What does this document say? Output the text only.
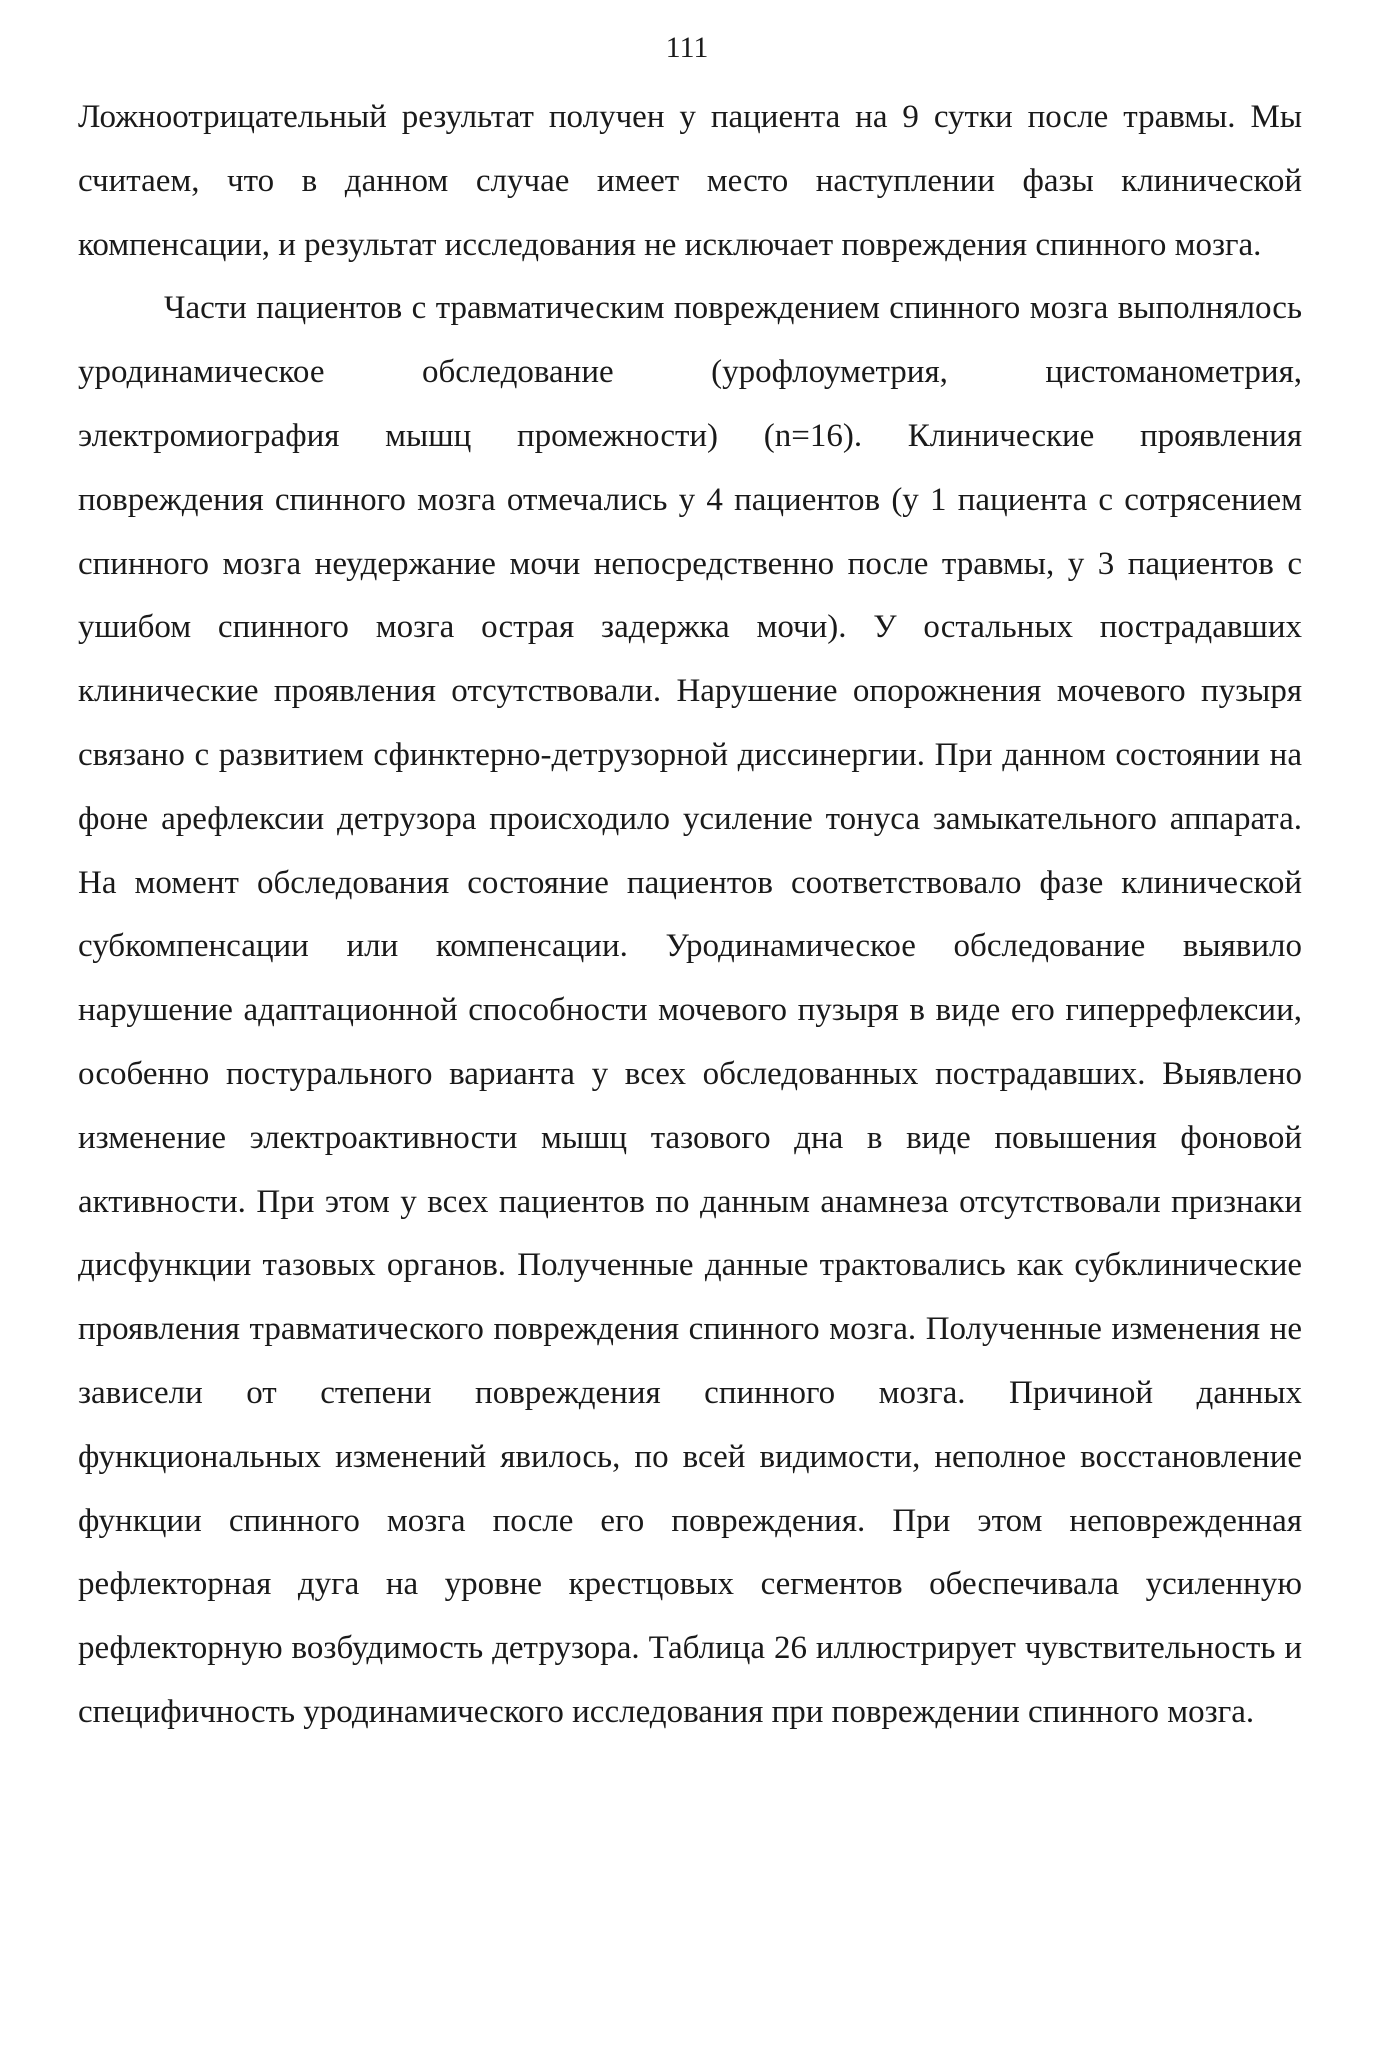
111

Ложноотрицательный результат получен у пациента на 9 сутки после травмы. Мы считаем, что в данном случае имеет место наступлении фазы клинической компенсации, и результат исследования не исключает повреждения спинного мозга.

Части пациентов с травматическим повреждением спинного мозга выполнялось уродинамическое обследование (урофлоуметрия, цистоманометрия, электромиография мышц промежности) (n=16). Клинические проявления повреждения спинного мозга отмечались у 4 пациентов (у 1 пациента с сотрясением спинного мозга неудержание мочи непосредственно после травмы, у 3 пациентов с ушибом спинного мозга острая задержка мочи). У остальных пострадавших клинические проявления отсутствовали. Нарушение опорожнения мочевого пузыря связано с развитием сфинктерно-детрузорной диссинергии. При данном состоянии на фоне арефлексии детрузора происходило усиление тонуса замыкательного аппарата. На момент обследования состояние пациентов соответствовало фазе клинической субкомпенсации или компенсации. Уродинамическое обследование выявило нарушение адаптационной способности мочевого пузыря в виде его гиперрефлексии, особенно постурального варианта у всех обследованных пострадавших. Выявлено изменение электроактивности мышц тазового дна в виде повышения фоновой активности. При этом у всех пациентов по данным анамнеза отсутствовали признаки дисфункции тазовых органов. Полученные данные трактовались как субклинические проявления травматического повреждения спинного мозга. Полученные изменения не зависели от степени повреждения спинного мозга. Причиной данных функциональных изменений явилось, по всей видимости, неполное восстановление функции спинного мозга после его повреждения. При этом неповрежденная рефлекторная дуга на уровне крестцовых сегментов обеспечивала усиленную рефлекторную возбудимость детрузора. Таблица 26 иллюстрирует чувствительность и специфичность уродинамического исследования при повреждении спинного мозга.
